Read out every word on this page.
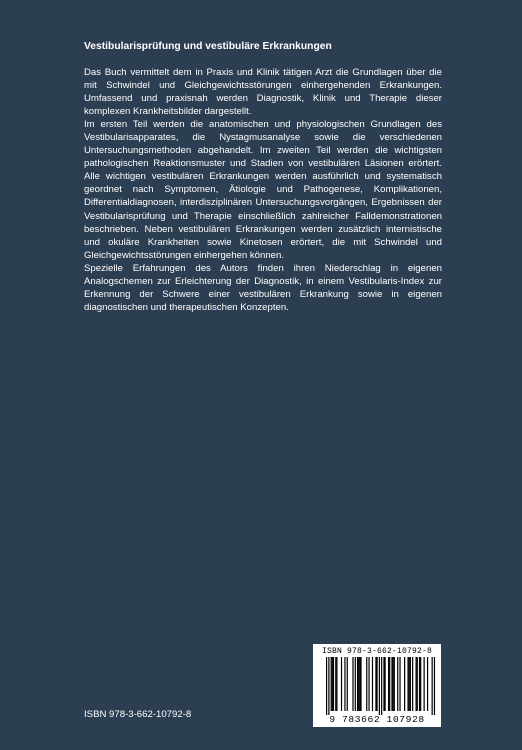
Vestibularisprüfung und vestibuläre Erkrankungen

Das Buch vermittelt dem in Praxis und Klinik tätigen Arzt die Grundlagen über die mit Schwindel und Gleichgewichtsstörungen einhergehenden Erkrankungen. Umfassend und praxisnah werden Diagnostik, Klinik und Therapie dieser komplexen Krankheitsbilder dargestellt.

Im ersten Teil werden die anatomischen und physiologischen Grundlagen des Vestibularisapparates, die Nystagmusanalyse sowie die verschiedenen Untersuchungsmethoden abgehandelt. Im zweiten Teil werden die wichtigsten pathologischen Reaktionsmuster und Stadien von vestibulären Läsionen erörtert. Alle wichtigen vestibulären Erkrankungen werden ausführlich und systematisch geordnet nach Symptomen, Ätiologie und Pathogenese, Komplikationen, Differentialdiagnosen, interdisziplinären Untersuchungsvorgängen, Ergebnissen der Vestibularisprüfung und Therapie einschließlich zahlreicher Falldemonstrationen beschrieben. Neben vestibulären Erkrankungen werden zusätzlich internistische und okuläre Krankheiten sowie Kinetosen erörtert, die mit Schwindel und Gleichgewichtsstörungen einhergehen können.

Spezielle Erfahrungen des Autors finden ihren Niederschlag in eigenen Analogschemen zur Erleichterung der Diagnostik, in einem Vestibularis-Index zur Erkennung der Schwere einer vestibulären Erkrankung sowie in eigenen diagnostischen und therapeutischen Konzepten.

ISBN 978-3-662-10792-8
ISBN 978-3-662-10792-8
9 783662 107928
